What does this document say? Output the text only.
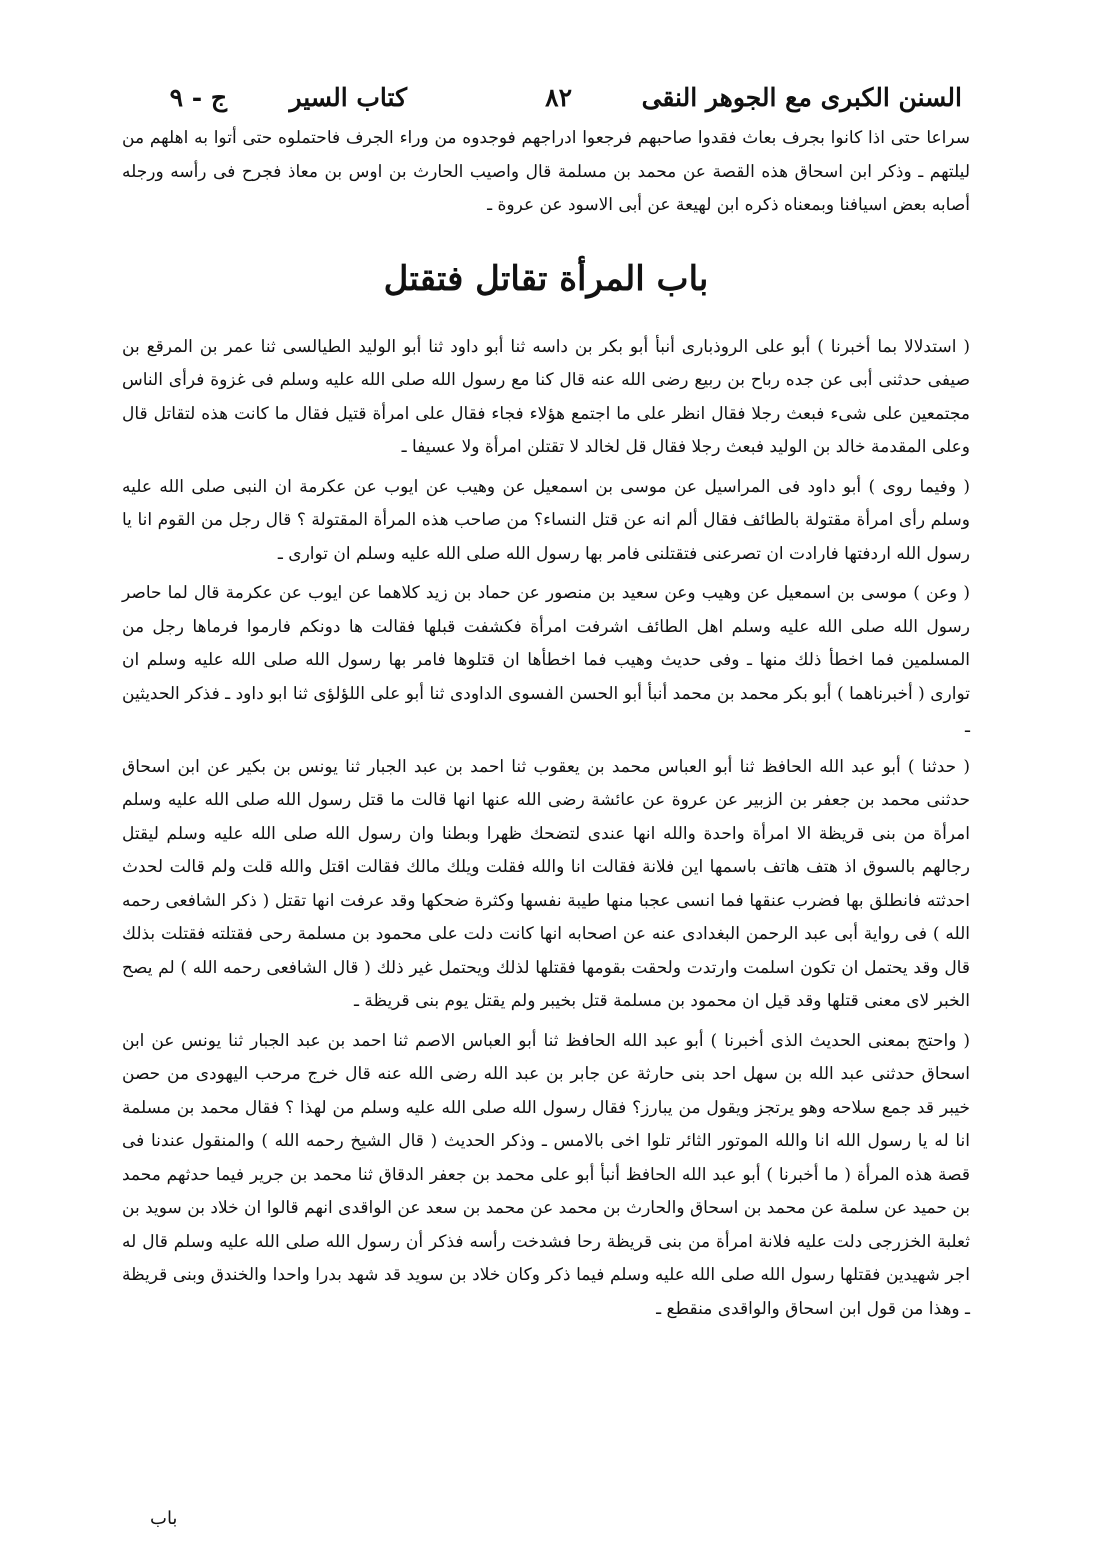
السنن الكبرى مع الجوهر النقى
٨٢
كتاب السير
ج - ٩

سراعا حتى اذا كانوا بجرف بعاث فقدوا صاحبهم فرجعوا ادراجهم فوجدوه من وراء الجرف فاحتملوه حتى أتوا به اهلهم من ليلتهم ـ وذكر ابن اسحاق هذه القصة عن محمد بن مسلمة قال واصيب الحارث بن اوس بن معاذ فجرح فى رأسه ورجله أصابه بعض اسيافنا وبمعناه ذكره ابن لهيعة عن أبى الاسود عن عروة ـ

باب المرأة تقاتل فتقتل

( استدلالا بما أخبرنا ) أبو على الروذبارى أنبأ أبو بكر بن داسه ثنا أبو داود ثنا أبو الوليد الطيالسى ثنا عمر بن المرقع بن صيفى حدثنى أبى عن جده رباح بن ربيع رضى الله عنه قال كنا مع رسول الله صلى الله عليه وسلم فى غزوة فرأى الناس مجتمعين على شىء فبعث رجلا فقال انظر على ما اجتمع هؤلاء فجاء فقال على امرأة قتيل فقال ما كانت هذه لتقاتل قال وعلى المقدمة خالد بن الوليد فبعث رجلا فقال قل لخالد لا تقتلن امرأة ولا عسيفا ـ

( وفيما روى ) أبو داود فى المراسيل عن موسى بن اسمعيل عن وهيب عن ايوب عن عكرمة ان النبى صلى الله عليه وسلم رأى امرأة مقتولة بالطائف فقال ألم انه عن قتل النساء؟ من صاحب هذه المرأة المقتولة ؟ قال رجل من القوم انا يا رسول الله اردفتها فارادت ان تصرعنى فتقتلنى فامر بها رسول الله صلى الله عليه وسلم ان توارى ـ

( وعن ) موسى بن اسمعيل عن وهيب وعن سعيد بن منصور عن حماد بن زيد كلاهما عن ايوب عن عكرمة قال لما حاصر رسول الله صلى الله عليه وسلم اهل الطائف اشرفت امرأة فكشفت قبلها فقالت ها دونكم فارموا فرماها رجل من المسلمين فما اخطأ ذلك منها ـ وفى حديث وهيب فما اخطأها ان قتلوها فامر بها رسول الله صلى الله عليه وسلم ان توارى ( أخبرناهما ) أبو بكر محمد بن محمد أنبأ أبو الحسن الفسوى الداودى ثنا أبو على اللؤلؤى ثنا ابو داود ـ فذكر الحديثين ـ

( حدثنا ) أبو عبد الله الحافظ ثنا أبو العباس محمد بن يعقوب ثنا احمد بن عبد الجبار ثنا يونس بن بكير عن ابن اسحاق حدثنى محمد بن جعفر بن الزبير عن عروة عن عائشة رضى الله عنها انها قالت ما قتل رسول الله صلى الله عليه وسلم امرأة من بنى قريظة الا امرأة واحدة والله انها عندى لتضحك ظهرا وبطنا وان رسول الله صلى الله عليه وسلم ليقتل رجالهم بالسوق اذ هتف هاتف باسمها اين فلانة فقالت انا والله فقلت ويلك مالك فقالت اقتل والله قلت ولم قالت لحدث احدثته فانطلق بها فضرب عنقها فما انسى عجبا منها طيبة نفسها وكثرة ضحكها وقد عرفت انها تقتل ( ذكر الشافعى رحمه الله ) فى رواية أبى عبد الرحمن البغدادى عنه عن اصحابه انها كانت دلت على محمود بن مسلمة رحى فقتلته فقتلت بذلك قال وقد يحتمل ان تكون اسلمت وارتدت ولحقت بقومها فقتلها لذلك ويحتمل غير ذلك ( قال الشافعى رحمه الله ) لم يصح الخبر لاى معنى قتلها وقد قيل ان محمود بن مسلمة قتل بخيبر ولم يقتل يوم بنى قريظة ـ

( واحتج بمعنى الحديث الذى أخبرنا ) أبو عبد الله الحافظ ثنا أبو العباس الاصم ثنا احمد بن عبد الجبار ثنا يونس عن ابن اسحاق حدثنى عبد الله بن سهل احد بنى حارثة عن جابر بن عبد الله رضى الله عنه قال خرج مرحب اليهودى من حصن خيبر قد جمع سلاحه وهو يرتجز ويقول من يبارز؟ فقال رسول الله صلى الله عليه وسلم من لهذا ؟ فقال محمد بن مسلمة انا له يا رسول الله انا والله الموتور الثائر تلوا اخى بالامس ـ وذكر الحديث ( قال الشيخ رحمه الله ) والمنقول عندنا فى قصة هذه المرأة ( ما أخبرنا ) أبو عبد الله الحافظ أنبأ أبو على محمد بن جعفر الدقاق ثنا محمد بن جرير فيما حدثهم محمد بن حميد عن سلمة عن محمد بن اسحاق والحارث بن محمد عن محمد بن سعد عن الواقدى انهم قالوا ان خلاد بن سويد بن ثعلبة الخزرجى دلت عليه فلانة امرأة من بنى قريظة رحا فشدخت رأسه فذكر أن رسول الله صلى الله عليه وسلم قال له اجر شهيدين فقتلها رسول الله صلى الله عليه وسلم فيما ذكر وكان خلاد بن سويد قد شهد بدرا واحدا والخندق وبنى قريظة ـ وهذا من قول ابن اسحاق والواقدى منقطع ـ

باب
